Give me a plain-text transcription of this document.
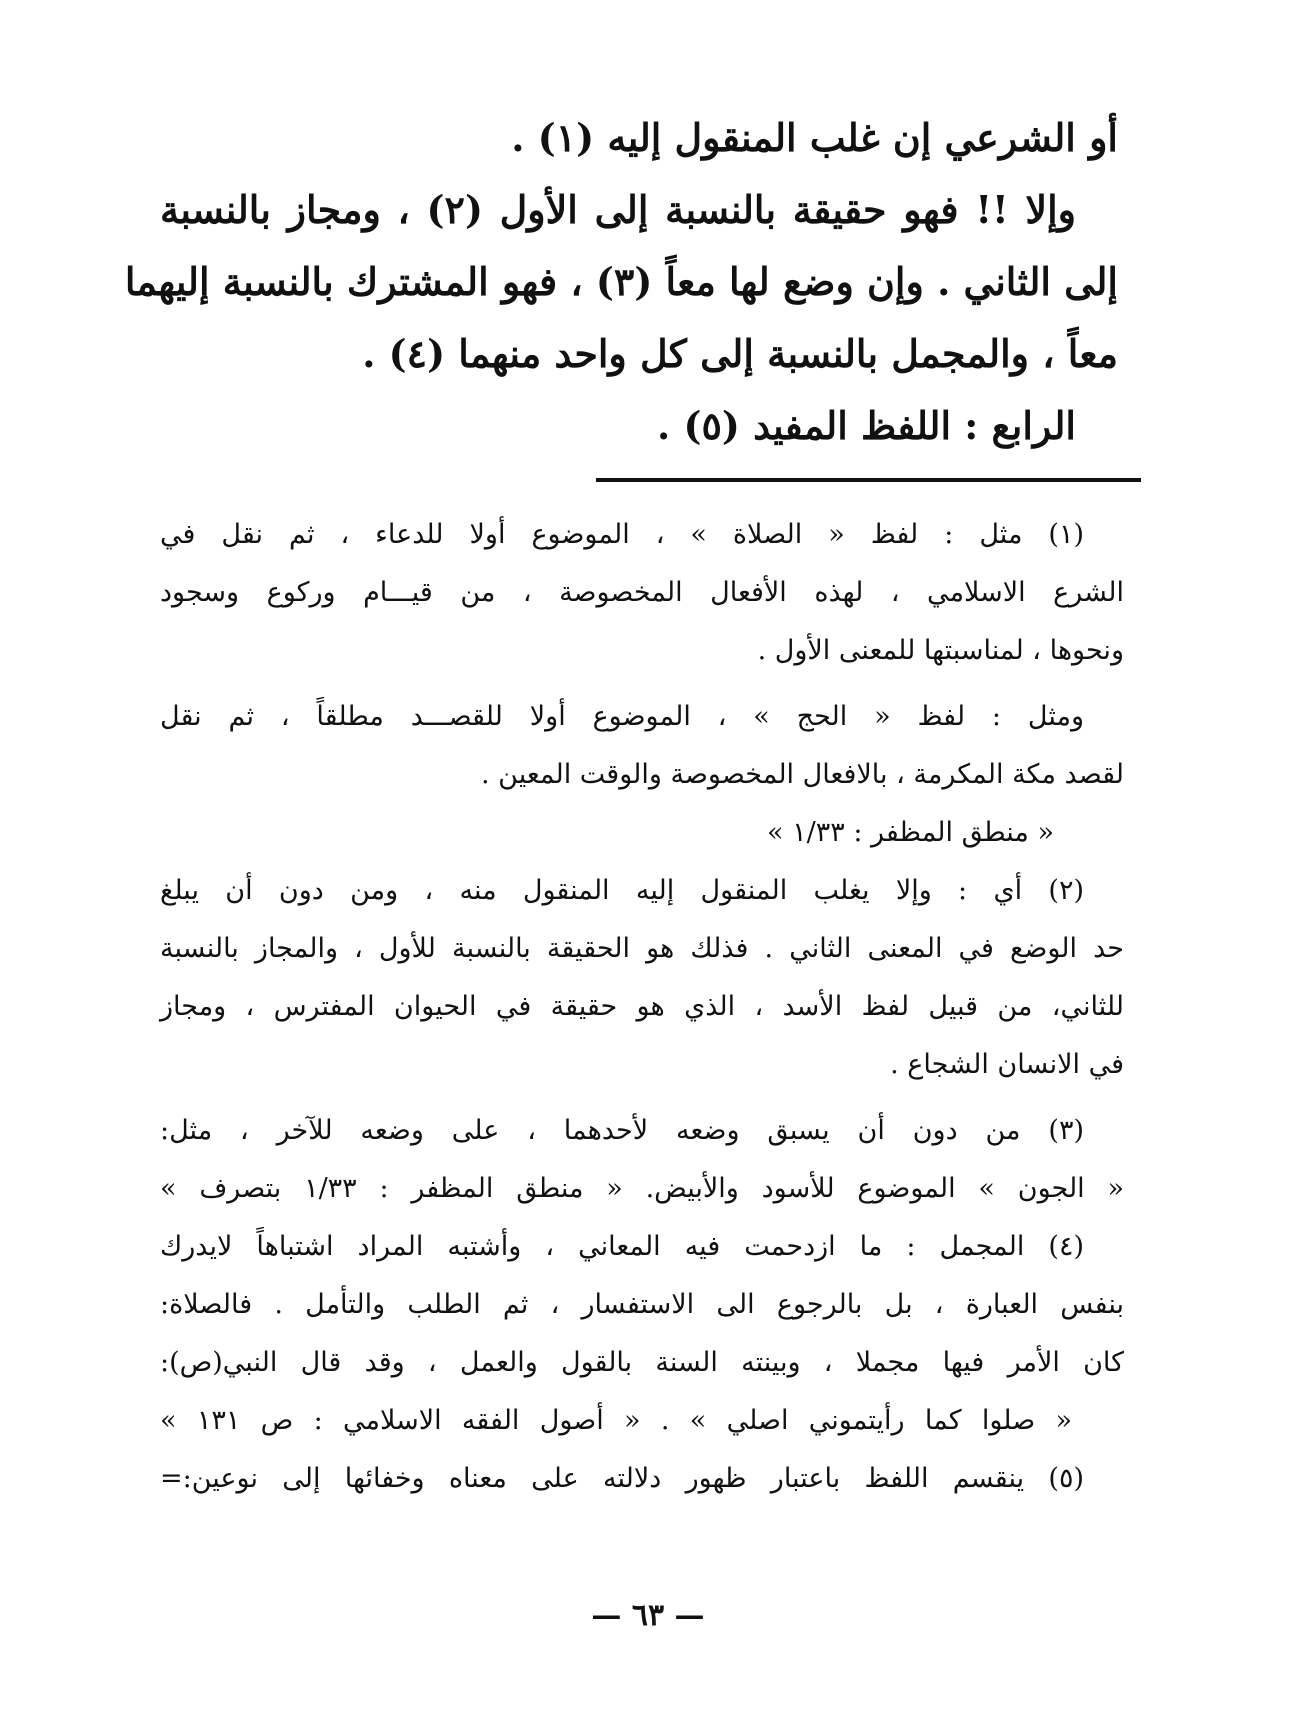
أو الشرعي إن غلب المنقول إليه (١) .
وإلا !! فهو حقيقة بالنسبة إلى الأول (٢) ، ومجاز بالنسبة
إلى الثاني . وإن وضع لها معاً (٣) ، فهو المشترك بالنسبة إليهما
معاً ، والمجمل بالنسبة إلى كل واحد منهما (٤) .
الرابع : اللفظ المفيد (٥) .
(١) مثل : لفظ « الصلاة » ، الموضوع أولا للدعاء ، ثم نقل في
الشرع الاسلامي ، لهذه الأفعال المخصوصة ، من قيـــام وركوع وسجود
ونحوها ، لمناسبتها للمعنى الأول .
ومثل : لفظ « الحج » ، الموضوع أولا للقصـــد مطلقاً ، ثم نقل
لقصد مكة المكرمة ، بالافعال المخصوصة والوقت المعين .
« منطق المظفر : ١/٣٣ »
(٢) أي : وإلا يغلب المنقول إليه المنقول منه ، ومن دون أن يبلغ
حد الوضع في المعنى الثاني . فذلك هو الحقيقة بالنسبة للأول ، والمجاز بالنسبة
للثاني، من قبيل لفظ الأسد ، الذي هو حقيقة في الحيوان المفترس ، ومجاز
في الانسان الشجاع .
(٣) من دون أن يسبق وضعه لأحدهما ، على وضعه للآخر ، مثل:
« الجون » الموضوع للأسود والأبيض. « منطق المظفر : ١/٣٣ بتصرف »
(٤) المجمل : ما ازدحمت فيه المعاني ، وأشتبه المراد اشتباهاً لايدرك
بنفس العبارة ، بل بالرجوع الى الاستفسار ، ثم الطلب والتأمل . فالصلاة:
كان الأمر فيها مجملا ، وبينته السنة بالقول والعمل ، وقد قال النبي(ص):
« صلوا كما رأيتموني اصلي » . « أصول الفقه الاسلامي : ص ١٣١ »
(٥) ينقسم اللفظ باعتبار ظهور دلالته على معناه وخفائها إلى نوعين:=
— ٦٣ —
